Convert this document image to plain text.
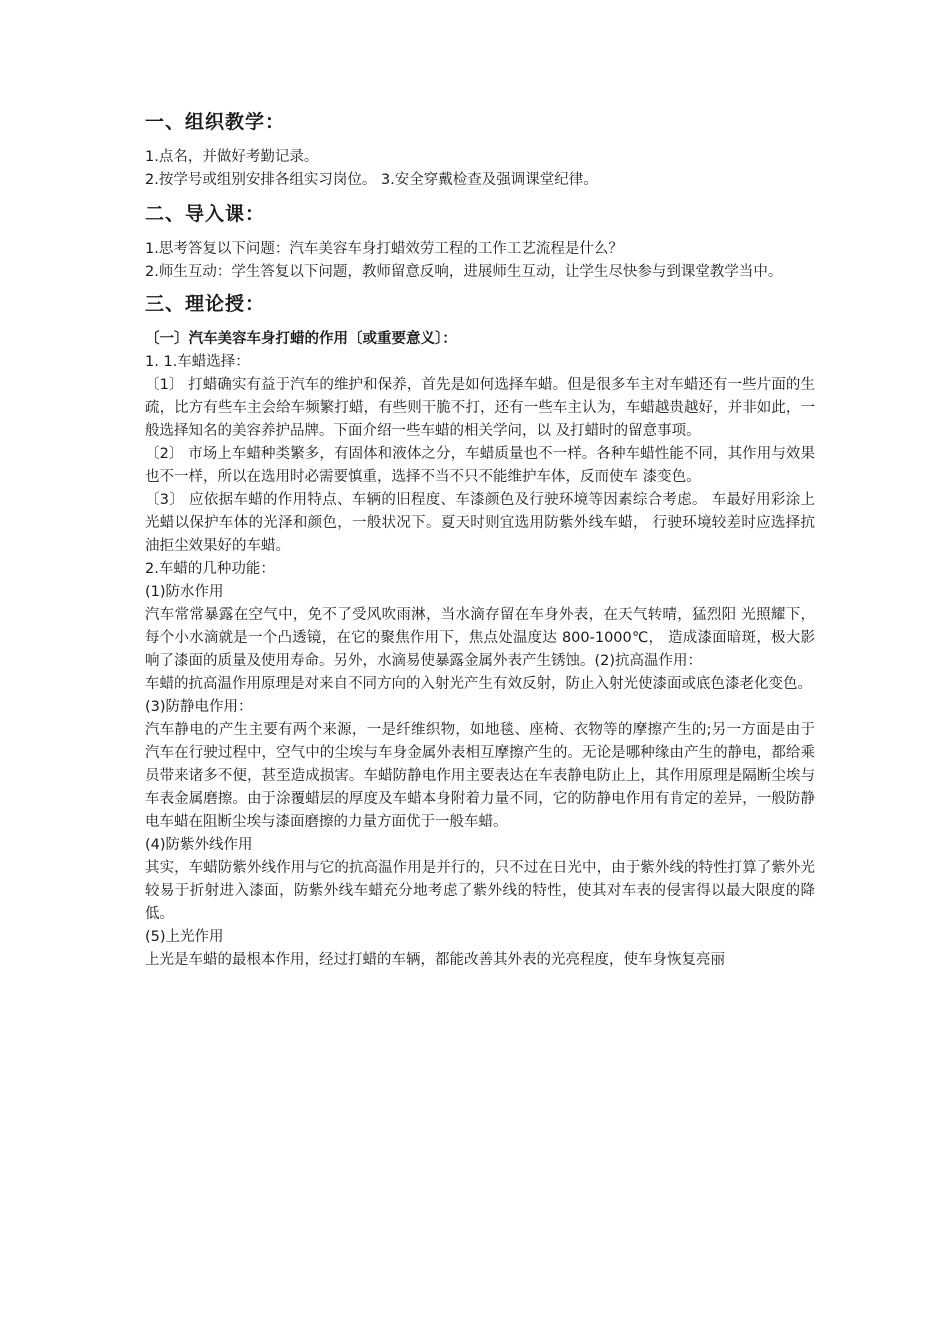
一、组织教学：

1.点名，并做好考勤记录。

2.按学号或组别安排各组实习岗位。 3.安全穿戴检查及强调课堂纪律。

二、导入课：

1.思考答复以下问题：汽车美容车身打蜡效劳工程的工作工艺流程是什么？

2.师生互动：学生答复以下问题，教师留意反响，进展师生互动，让学生尽快参与到课堂教学当中。

三、理论授：

〔一〕汽车美容车身打蜡的作用〔或重要意义〕：

1. 1.车蜡选择：

〔1〕 打蜡确实有益于汽车的维护和保养，首先是如何选择车蜡。但是很多车主对车蜡还有一些片面的生疏，比方有些车主会给车频繁打蜡，有些则干脆不打，还有一些车主认为，车蜡越贵越好，并非如此，一般选择知名的美容养护品牌。下面介绍一些车蜡的相关学问，以 及打蜡时的留意事项。

〔2〕 市场上车蜡种类繁多，有固体和液体之分，车蜡质量也不一样。各种车蜡性能不同，其作用与效果也不一样，所以在选用时必需要慎重，选择不当不只不能维护车体，反而使车 漆变色。

〔3〕 应依据车蜡的作用特点、车辆的旧程度、车漆颜色及行驶环境等因素综合考虑。 车最好用彩涂上光蜡以保护车体的光泽和颜色，一般状况下。夏天时则宜选用防紫外线车蜡， 行驶环境较差时应选择抗油拒尘效果好的车蜡。

2.车蜡的几种功能：

(1)防水作用

汽车常常暴露在空气中，免不了受风吹雨淋，当水滴存留在车身外表，在天气转晴，猛烈阳 光照耀下，每个小水滴就是一个凸透镜，在它的聚焦作用下，焦点处温度达 800-1000℃， 造成漆面暗斑，极大影响了漆面的质量及使用寿命。另外，水滴易使暴露金属外表产生锈蚀。(2)抗高温作用：

车蜡的抗高温作用原理是对来自不同方向的入射光产生有效反射，防止入射光使漆面或底色漆老化变色。

(3)防静电作用：

汽车静电的产生主要有两个来源，一是纤维织物，如地毯、座椅、衣物等的摩擦产生的;另一方面是由于汽车在行驶过程中，空气中的尘埃与车身金属外表相互摩擦产生的。无论是哪种缘由产生的静电，都给乘员带来诸多不便，甚至造成损害。车蜡防静电作用主要表达在车表静电防止上，其作用原理是隔断尘埃与车表金属磨擦。由于涂覆蜡层的厚度及车蜡本身附着力量不同，它的防静电作用有肯定的差异，一般防静电车蜡在阻断尘埃与漆面磨擦的力量方面优于一般车蜡。

(4)防紫外线作用

其实，车蜡防紫外线作用与它的抗高温作用是并行的，只不过在日光中，由于紫外线的特性打算了紫外光较易于折射进入漆面，防紫外线车蜡充分地考虑了紫外线的特性，使其对车表的侵害得以最大限度的降低。

(5)上光作用

上光是车蜡的最根本作用，经过打蜡的车辆，都能改善其外表的光亮程度，使车身恢复亮丽
